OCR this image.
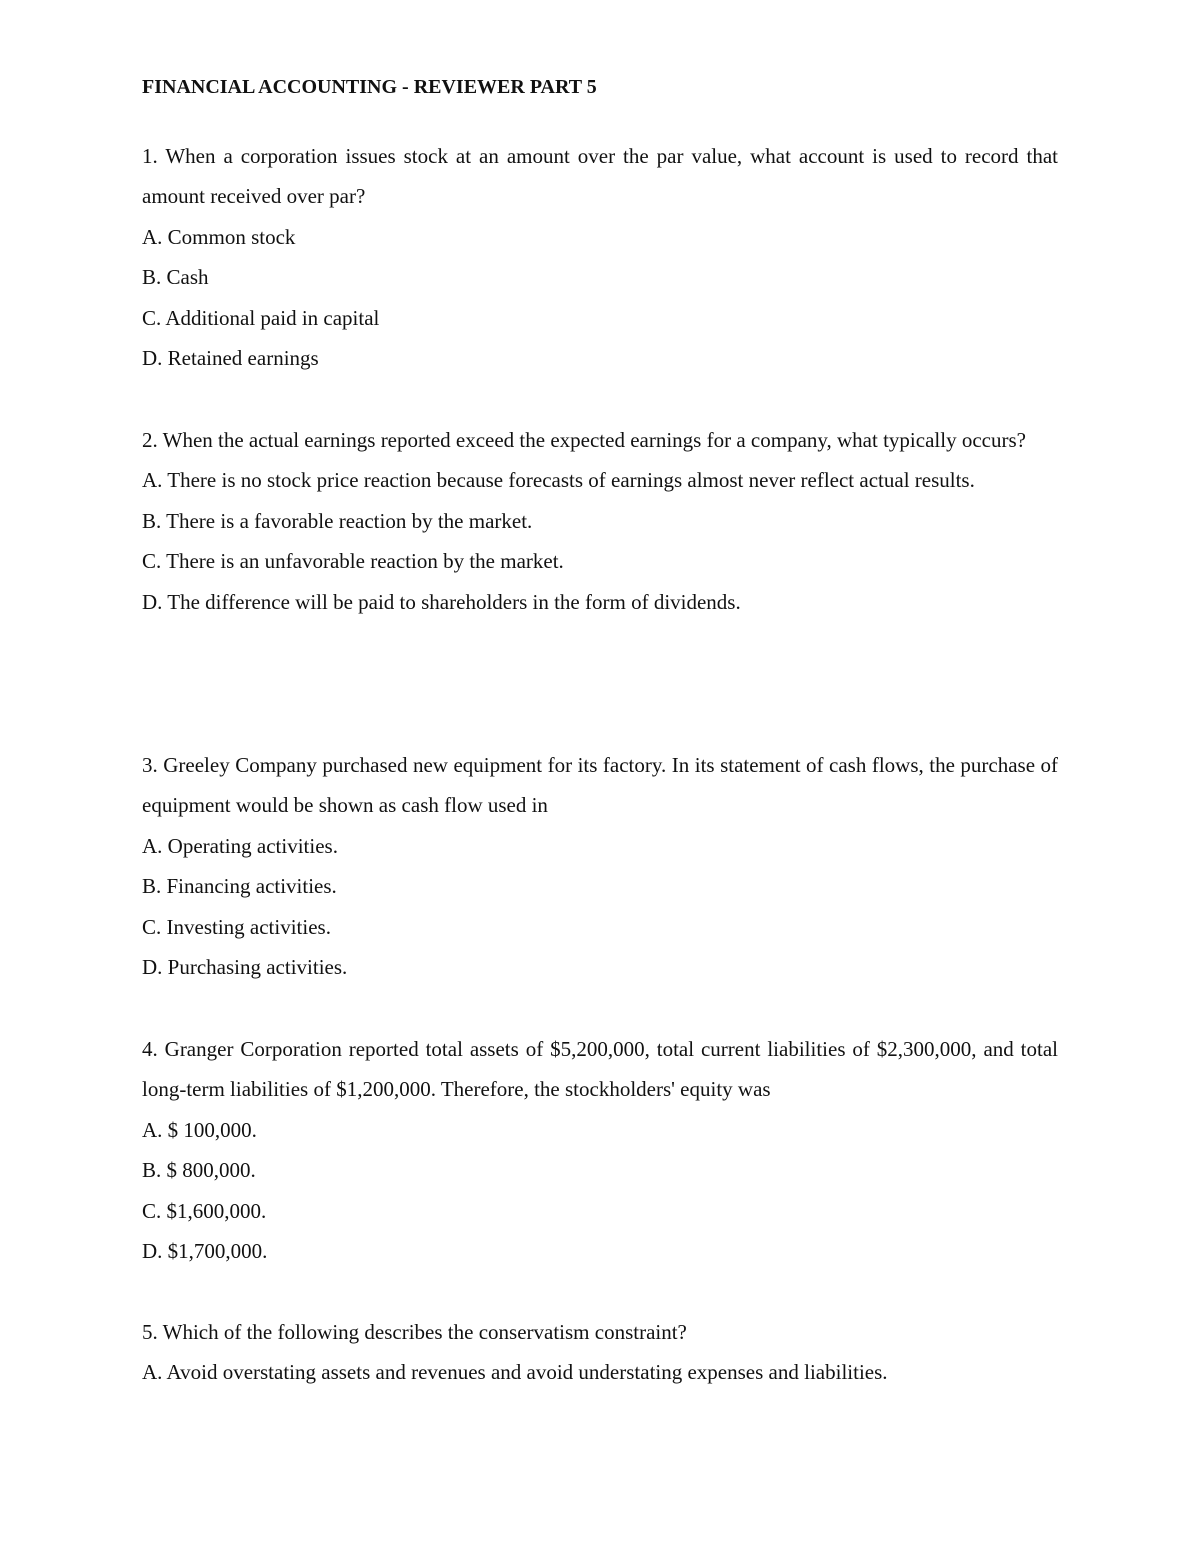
FINANCIAL ACCOUNTING - REVIEWER PART 5

1. When a corporation issues stock at an amount over the par value, what account is used to record that amount received over par?

A. Common stock

B. Cash

C. Additional paid in capital

D. Retained earnings

2. When the actual earnings reported exceed the expected earnings for a company, what typically occurs?

A. There is no stock price reaction because forecasts of earnings almost never reflect actual results.

B. There is a favorable reaction by the market.

C. There is an unfavorable reaction by the market.

D. The difference will be paid to shareholders in the form of dividends.

3. Greeley Company purchased new equipment for its factory. In its statement of cash flows, the purchase of equipment would be shown as cash flow used in

A. Operating activities.

B. Financing activities.

C. Investing activities.

D. Purchasing activities.

4. Granger Corporation reported total assets of $5,200,000, total current liabilities of $2,300,000, and total long-term liabilities of $1,200,000. Therefore, the stockholders' equity was

A. $ 100,000.

B. $ 800,000.

C. $1,600,000.

D. $1,700,000.

5. Which of the following describes the conservatism constraint?

A. Avoid overstating assets and revenues and avoid understating expenses and liabilities.
